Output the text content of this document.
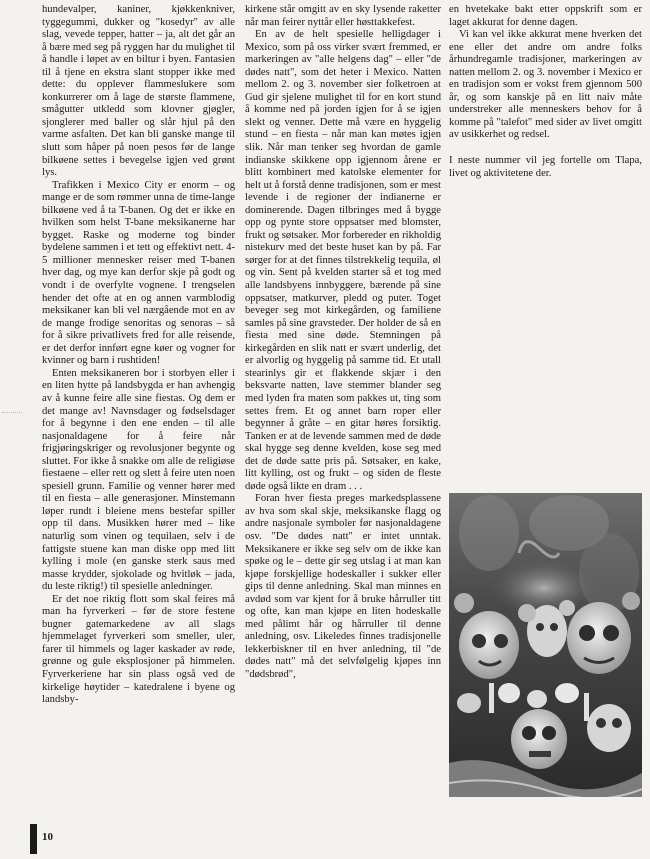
hundevalper, kaniner, kjøkkenkniver, tyggegummi, dukker og "kosedyr" av alle slag, vevede tepper, hatter – ja, alt det går an å bære med seg på ryggen har du mulighet til å handle i løpet av en biltur i byen. Fantasien til å tjene en ekstra slant stopper ikke med dette: du opplever flammeslukere som konkurrerer om å lage de største flammene, smågutter utkledd som klovner gjøgler, sjonglerer med baller og slår hjul på den varme asfalten. Det kan bli ganske mange til slutt som håper på noen pesos før de lange bilkøene settes i bevegelse igjen ved grønt lys.

Trafikken i Mexico City er enorm – og mange er de som rømmer unna de time-lange bilkøene ved å ta T-banen. Og det er ikke en hvilken som helst T-bane meksikanerne har bygget. Raske og moderne tog binder bydelene sammen i et tett og effektivt nett. 4-5 millioner mennesker reiser med T-banen hver dag, og mye kan derfor skje på godt og vondt i de overfylte vognene. I trengselen hender det ofte at en og annen varmblodig meksikaner kan bli vel nærgående mot en av de mange frodige senoritas og senoras – så for å sikre privatlivets fred for alle reisende, er det derfor innført egne køer og vogner for kvinner og barn i rushtiden!

Enten meksikaneren bor i storbyen eller i en liten hytte på landsbygda er han avhengig av å kunne feire alle sine fiestas. Og dem er det mange av! Navnsdager og fødselsdager for å begynne i den ene enden – til alle nasjonaldagene for å feire når frigjøringskriger og revolusjoner begynte og sluttet. For ikke å snakke om alle de religiøse fiestaene – eller rett og slett å feire uten noen spesiell grunn. Familie og venner hører med til en fiesta – alle generasjoner. Minstemann løper rundt i bleiene mens bestefar spiller opp til dans. Musikken hører med – like naturlig som vinen og tequilaen, selv i de fattigste stuene kan man diske opp med litt kylling i mole (en ganske sterk saus med masse krydder, sjokolade og hvitløk – jada, du leste riktig!) til spesielle anledninger.

Er det noe riktig flott som skal feires må man ha fyrverkeri – før de store festene bugner gatemarkedene av all slags hjemmelaget fyrverkeri som smeller, uler, farer til himmels og lager kaskader av røde, grønne og gule eksplosjoner på himmelen. Fyrverkeriene har sin plass også ved de kirkelige høytider – katedralene i byene og landsby-

kirkene står omgitt av en sky lysende raketter når man feirer nyttår eller høsttakkefest.

En av de helt spesielle helligdager i Mexico, som på oss virker svært fremmed, er markeringen av "alle helgens dag" – eller "de dødes natt", som det heter i Mexico. Natten mellom 2. og 3. november sier folketroen at Gud gir sjelene mulighet til for en kort stund å komme ned på jorden igjen for å se igjen slekt og venner. Dette må være en hyggelig stund – en fiesta – når man kan møtes igjen slik. Når man tenker seg hvordan de gamle indianske skikkene opp igjennom årene er blitt kombinert med katolske elementer for helt ut å forstå denne tradisjonen, som er mest levende i de regioner der indianerne er dominerende. Dagen tilbringes med å bygge opp og pynte store oppsatser med blomster, frukt og søtsaker. Mor forbereder en rikholdig nistekurv med det beste huset kan by på. Far sørger for at det finnes tilstrekkelig tequila, øl og vin. Sent på kvelden starter så et tog med alle landsbyens innbyggere, bærende på sine oppsatser, matkurver, pledd og puter. Toget beveger seg mot kirkegården, og familiene samles på sine gravsteder. Der holder de så en fiesta med sine døde. Stemningen på kirkegården en slik natt er svært underlig, det er alvorlig og hyggelig på samme tid. Et utall stearinlys gir et flakkende skjær i den beksvarte natten, lave stemmer blander seg med lyden fra maten som pakkes ut, ting som settes frem. Et og annet barn roper eller begynner å gråte – en gitar høres forsiktig. Tanken er at de levende sammen med de døde skal hygge seg denne kvelden, kose seg med det de døde satte pris på. Søtsaker, en kake, litt kylling, ost og frukt – og siden de fleste døde også likte en dram . . .

Foran hver fiesta preges markedsplassene av hva som skal skje, meksikanske flagg og andre nasjonale symboler før nasjonaldagene osv. "De dødes natt" er intet unntak. Meksikanere er ikke seg selv om de ikke kan spøke og le – dette gir seg utslag i at man kan kjøpe forskjellige hodeskaller i sukker eller gips til denne anledning. Skal man minnes en avdød som var kjent for å bruke hårruller titt og ofte, kan man kjøpe en liten hodeskalle med pålimt hår og hårruller til denne anledning, osv. Likeledes finnes tradisjonelle lekkerbiskner til en hver anledning, til "de dødes natt" må det selvfølgelig kjøpes inn "dødsbrød",

en hvetekake bakt etter oppskrift som er laget akkurat for denne dagen.

Vi kan vel ikke akkurat mene hverken det ene eller det andre om andre folks århundregamle tradisjoner, markeringen av natten mellom 2. og 3. november i Mexico er en tradisjon som er vokst frem gjennom 500 år, og som kanskje på en litt naiv måte understreker alle menneskers behov for å komme på "talefot" med sider av livet omgitt av usikkerhet og redsel.

I neste nummer vil jeg fortelle om Tlapa, livet og aktivitetene der.

10
